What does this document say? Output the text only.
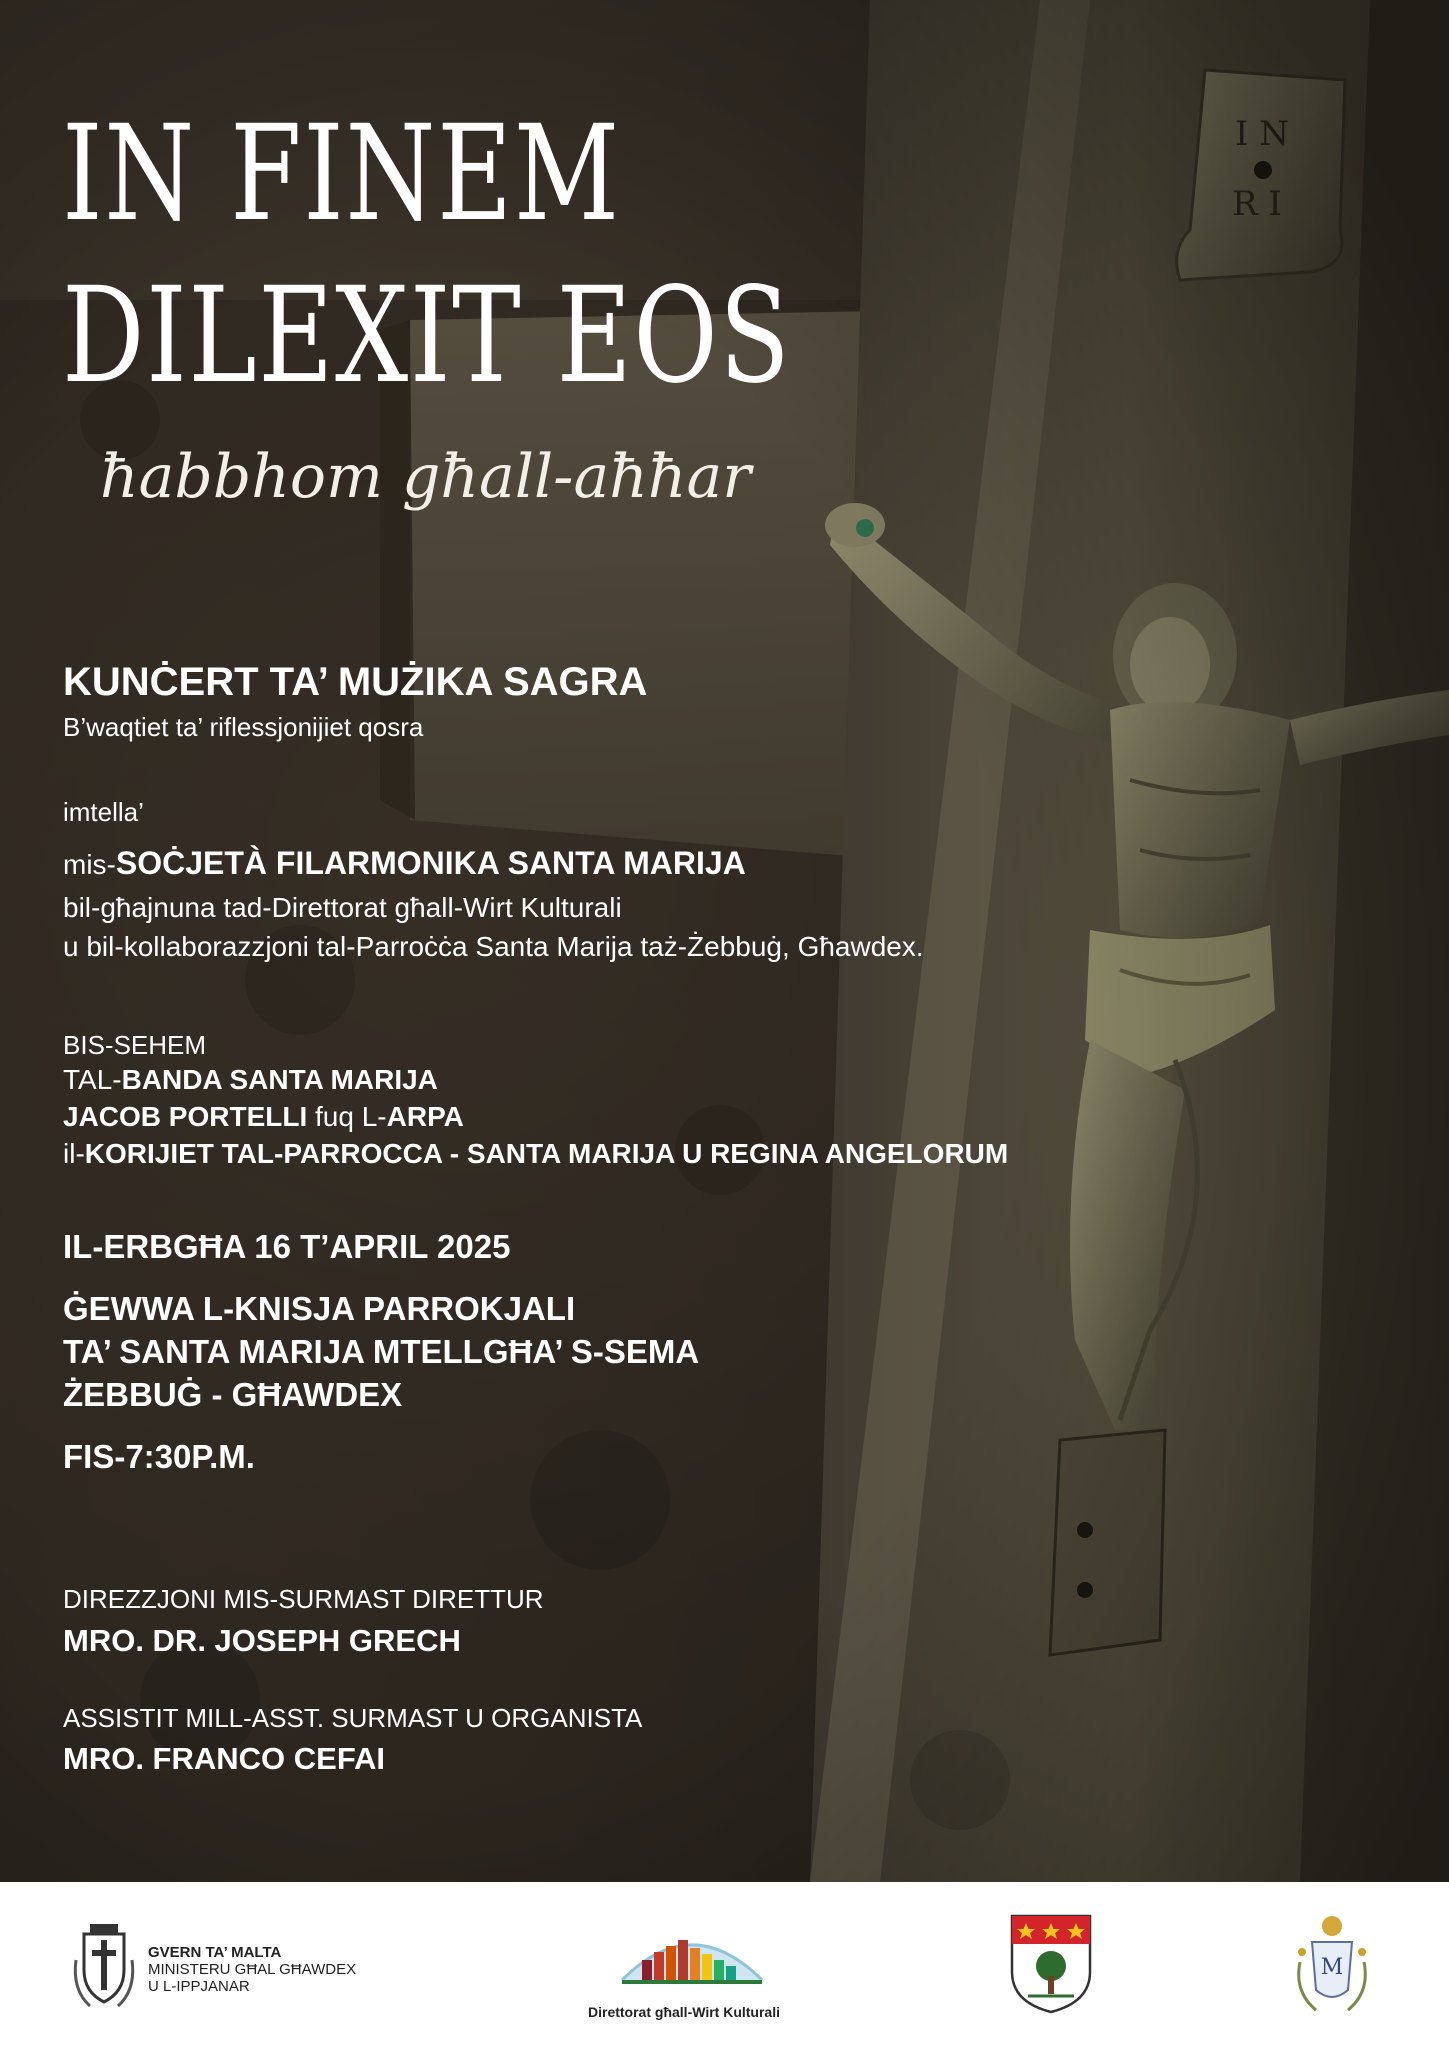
IN FINEM
DILEXIT EOS
ħabbhom għall-aħħar
KUNĊERT TA’ MUŻIKA SAGRA
B’waqtiet ta’ riflessjonijiet qosra
imtella’
mis-SOĊJETÀ FILARMONIKA SANTA MARIJA
bil-għajnuna tad-Direttorat għall-Wirt Kulturali
u bil-kollaborazzjoni tal-Parroċċa Santa Marija taż-Żebbuġ, Għawdex.
BIS-SEHEM
TAL-BANDA SANTA MARIJA
JACOB PORTELLI fuq L-ARPA
il-KORIJIET TAL-PARROCCA - SANTA MARIJA U REGINA ANGELORUM
IL-ERBGĦA 16 T’APRIL 2025
ĠEWWA L-KNISJA PARROKJALI
TA’ SANTA MARIJA MTELLGĦA’ S-SEMA
ŻEBBUĠ - GĦAWDEX
FIS-7:30P.M.
DIREZZJONI MIS-SURMAST DIRETTUR
MRO. DR. JOSEPH GRECH
ASSISTIT MILL-ASST. SURMAST U ORGANISTA
MRO. FRANCO CEFAI
GVERN TA’ MALTA
MINISTERU GĦAL GĦAWDEX
U L-IPPJANAR
Direttorat għall-Wirt Kulturali
M
